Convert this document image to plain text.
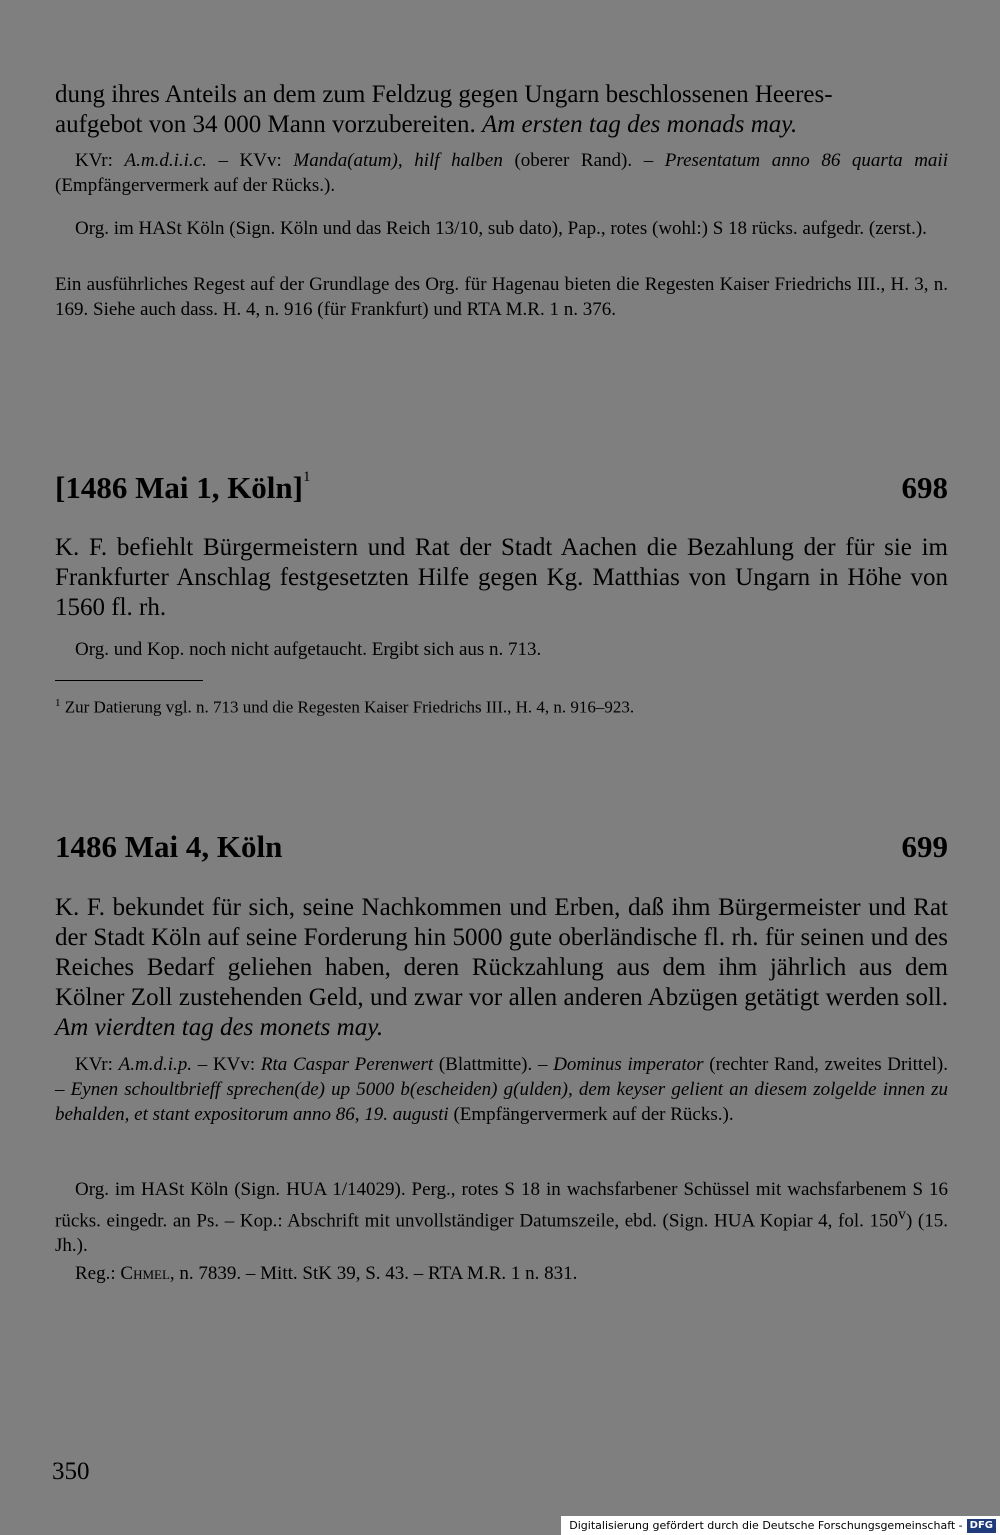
dung ihres Anteils an dem zum Feldzug gegen Ungarn beschlossenen Heeres-
aufgebot von 34 000 Mann vorzubereiten. Am ersten tag des monads may.
KVr: A.m.d.i.i.c. – KVv: Manda(atum), hilf halben (oberer Rand). – Presentatum anno 86 quarta maii (Empfängervermerk auf der Rücks.).
Org. im HASt Köln (Sign. Köln und das Reich 13/10, sub dato), Pap., rotes (wohl:) S 18 rücks. aufgedr. (zerst.).
Ein ausführliches Regest auf der Grundlage des Org. für Hagenau bieten die Regesten Kaiser Friedrichs III., H. 3, n. 169. Siehe auch dass. H. 4, n. 916 (für Frankfurt) und RTA M.R. 1 n. 376.
[1486 Mai 1, Köln]$^1$	698
K. F. befiehlt Bürgermeistern und Rat der Stadt Aachen die Bezahlung der für sie im Frankfurter Anschlag festgesetzten Hilfe gegen Kg. Matthias von Ungarn in Höhe von 1560 fl. rh.
Org. und Kop. noch nicht aufgetaucht. Ergibt sich aus n. 713.
$^1$ Zur Datierung vgl. n. 713 und die Regesten Kaiser Friedrichs III., H. 4, n. 916–923.
1486 Mai 4, Köln	699
K. F. bekundet für sich, seine Nachkommen und Erben, daß ihm Bürgermeister und Rat der Stadt Köln auf seine Forderung hin 5000 gute oberländische fl. rh. für seinen und des Reiches Bedarf geliehen haben, deren Rückzahlung aus dem ihm jährlich aus dem Kölner Zoll zustehenden Geld, und zwar vor allen anderen Abzügen getätigt werden soll. Am vierdten tag des monets may.
KVr: A.m.d.i.p. – KVv: Rta Caspar Perenwert (Blattmitte). – Dominus imperator (rechter Rand, zweites Drittel). – Eynen schoultbrieff sprechen(de) up 5000 b(escheiden) g(ulden), dem keyser gelient an diesem zolgelde innen zu behalden, et stant expositorum anno 86, 19. augusti (Empfängervermerk auf der Rücks.).
Org. im HASt Köln (Sign. HUA 1/14029). Perg., rotes S 18 in wachsfarbener Schüssel mit wachsfarbenem S 16 rücks. eingedr. an Ps. – Kop.: Abschrift mit unvollständiger Datumszeile, ebd. (Sign. HUA Kopiar 4, fol. 150$^v$) (15. Jh.).
Reg.: Chmel, n. 7839. – Mitt. StK 39, S. 43. – RTA M.R. 1 n. 831.
350
Digitalisierung gefördert durch die Deutsche Forschungsgemeinschaft - DFG
